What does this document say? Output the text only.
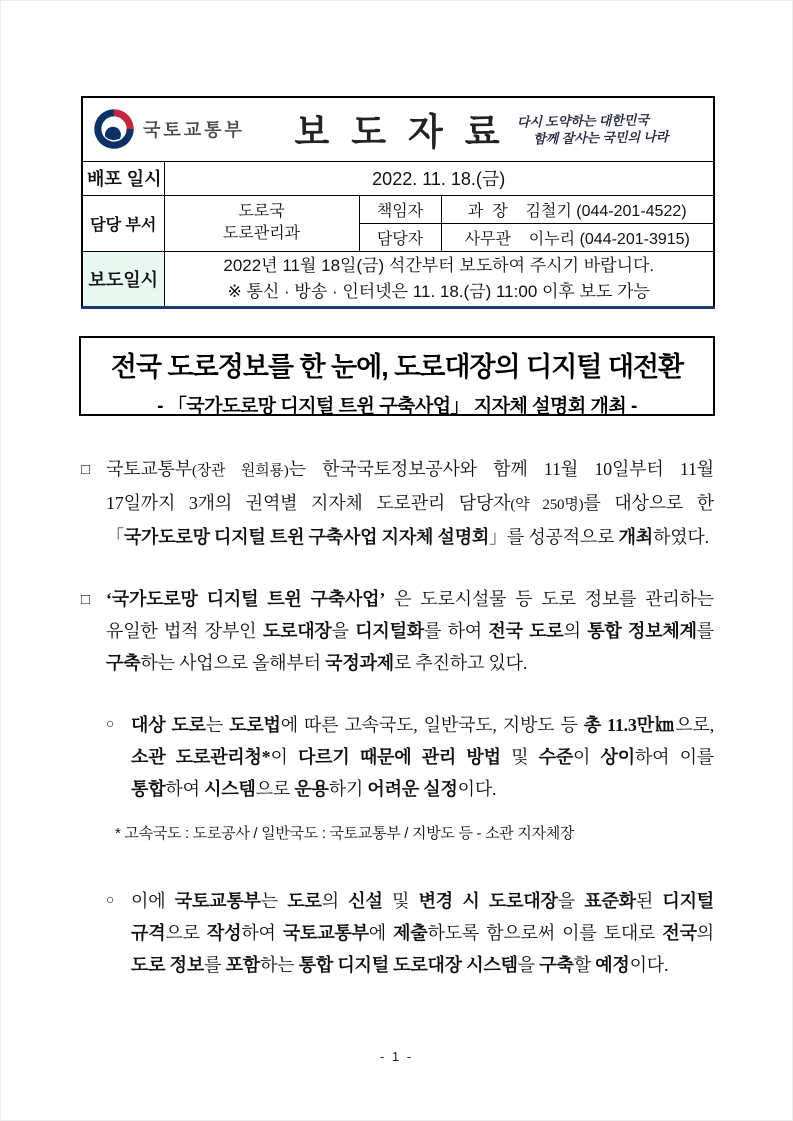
국토교통부 보 도 자 료 다시 도약하는 대한민국
함께 잘사는 국민의 나라			

배포 일시	2022. 11. 18.(금)		
담당 부서	도로국
도로관리과	책임자	과  장    김철기 (044-201-4522)
		담당자	사무관    이누리 (044-201-3915)
보도일시	2022년 11월 18일(금) 석간부터 보도하여 주시기 바랍니다.
※ 통신 · 방송 · 인터넷은 11. 18.(금) 11:00 이후 보도 가능		
전국 도로정보를 한 눈에, 도로대장의 디지털 대전환
- 「국가도로망 디지털 트윈 구축사업」 지자체 설명회 개최 -
□ 국토교통부(장관 원희룡)는 한국국토정보공사와 함께 11월 10일부터 11월 17일까지 3개의 권역별 지자체 도로관리 담당자(약 250명)를 대상으로 한 「국가도로망 디지털 트윈 구축사업 지자체 설명회」를 성공적으로 개최하였다.
□ ‘국가도로망 디지털 트윈 구축사업’ 은 도로시설물 등 도로 정보를 관리하는 유일한 법적 장부인 도로대장을 디지털화를 하여 전국 도로의 통합 정보체계를 구축하는 사업으로 올해부터 국정과제로 추진하고 있다.
○ 대상 도로는 도로법에 따른 고속국도, 일반국도, 지방도 등 총 11.3만㎞으로, 소관 도로관리청*이 다르기 때문에 관리 방법 및 수준이 상이하여 이를 통합하여 시스템으로 운용하기 어려운 실정이다.
* 고속국도 : 도로공사 / 일반국도 : 국토교통부 / 지방도 등 - 소관 지자체장
○ 이에 국토교통부는 도로의 신설 및 변경 시 도로대장을 표준화된 디지털 규격으로 작성하여 국토교통부에 제출하도록 함으로써 이를 토대로 전국의 도로 정보를 포함하는 통합 디지털 도로대장 시스템을 구축할 예정이다.
- 1 -
